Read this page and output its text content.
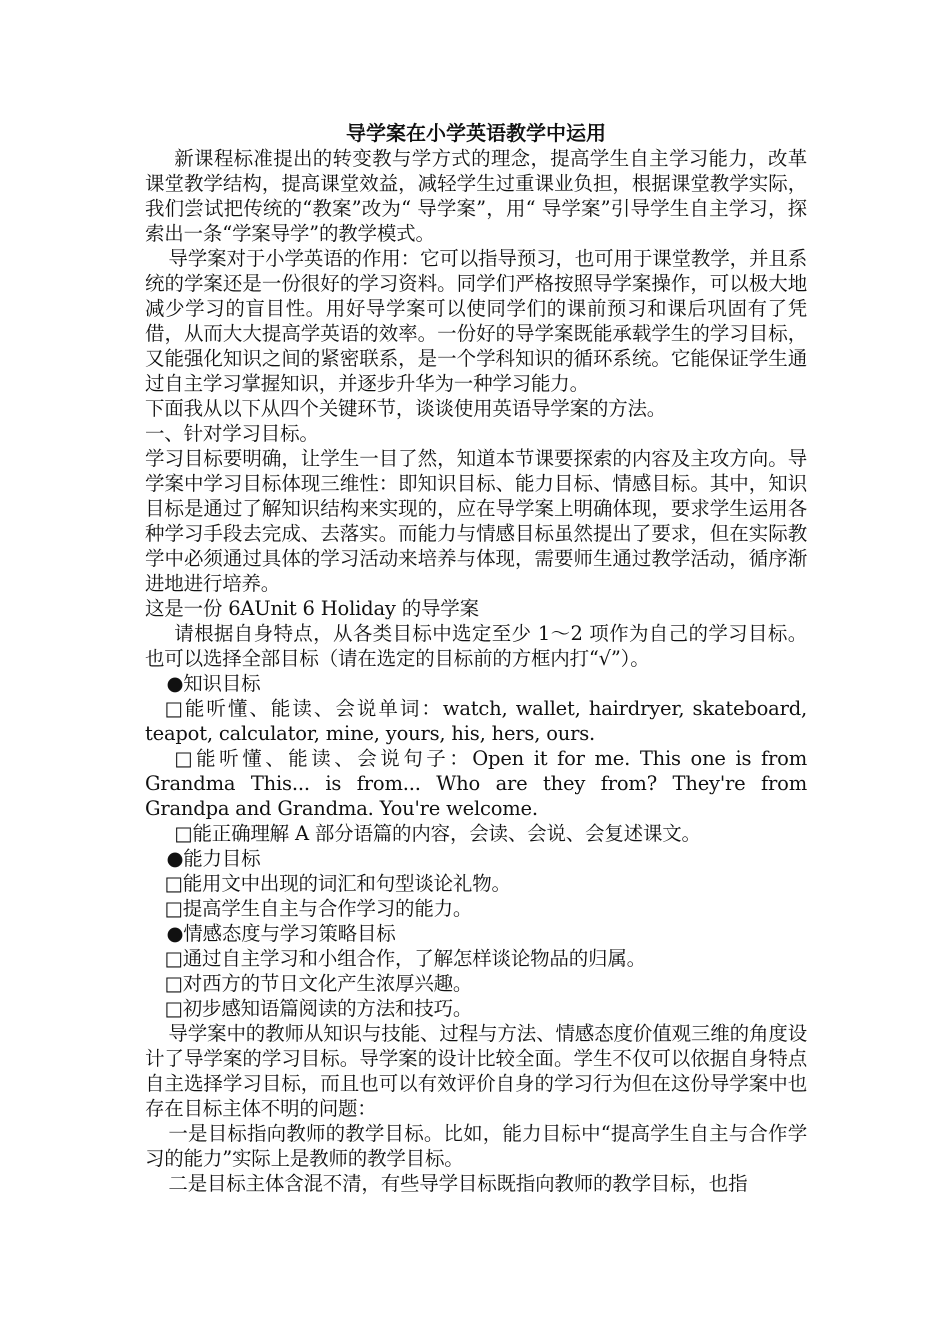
导学案在小学英语教学中运用

新课程标准提出的转变教与学方式的理念，提高学生自主学习能力，改革课堂教学结构，提高课堂效益，减轻学生过重课业负担，根据课堂教学实际，我们尝试把传统的“教案”改为“ 导学案”，用“ 导学案”引导学生自主学习，探索出一条“学案导学”的教学模式。

导学案对于小学英语的作用：它可以指导预习，也可用于课堂教学，并且系统的学案还是一份很好的学习资料。同学们严格按照导学案操作，可以极大地减少学习的盲目性。用好导学案可以使同学们的课前预习和课后巩固有了凭借，从而大大提高学英语的效率。一份好的导学案既能承载学生的学习目标，又能强化知识之间的紧密联系，是一个学科知识的循环系统。它能保证学生通过自主学习掌握知识，并逐步升华为一种学习能力。

下面我从以下从四个关键环节，谈谈使用英语导学案的方法。

一、针对学习目标。

学习目标要明确，让学生一目了然，知道本节课要探索的内容及主攻方向。导学案中学习目标体现三维性：即知识目标、能力目标、情感目标。其中，知识目标是通过了解知识结构来实现的，应在导学案上明确体现，要求学生运用各种学习手段去完成、去落实。而能力与情感目标虽然提出了要求，但在实际教学中必须通过具体的学习活动来培养与体现，需要师生通过教学活动，循序渐进地进行培养。

这是一份 6AUnit 6 Holiday 的导学案

请根据自身特点，从各类目标中选定至少 1～2 项作为自己的学习目标。也可以选择全部目标（请在选定的目标前的方框内打“√”）。

●知识目标

□能听懂、能读、会说单词：watch, wallet, hairdryer, skateboard, teapot, calculator, mine, yours, his, hers, ours.

□能听懂、能读、会说句子：Open it for me. This one is from Grandma This... is from... Who are they from? They're from Grandpa and Grandma. You're welcome.

□能正确理解 A 部分语篇的内容，会读、会说、会复述课文。

●能力目标

□能用文中出现的词汇和句型谈论礼物。

□提高学生自主与合作学习的能力。

●情感态度与学习策略目标

□通过自主学习和小组合作，了解怎样谈论物品的归属。

□对西方的节日文化产生浓厚兴趣。

□初步感知语篇阅读的方法和技巧。

导学案中的教师从知识与技能、过程与方法、情感态度价值观三维的角度设计了导学案的学习目标。导学案的设计比较全面。学生不仅可以依据自身特点自主选择学习目标，而且也可以有效评价自身的学习行为但在这份导学案中也存在目标主体不明的问题：

一是目标指向教师的教学目标。比如，能力目标中“提高学生自主与合作学习的能力”实际上是教师的教学目标。

二是目标主体含混不清，有些导学目标既指向教师的教学目标，也指
